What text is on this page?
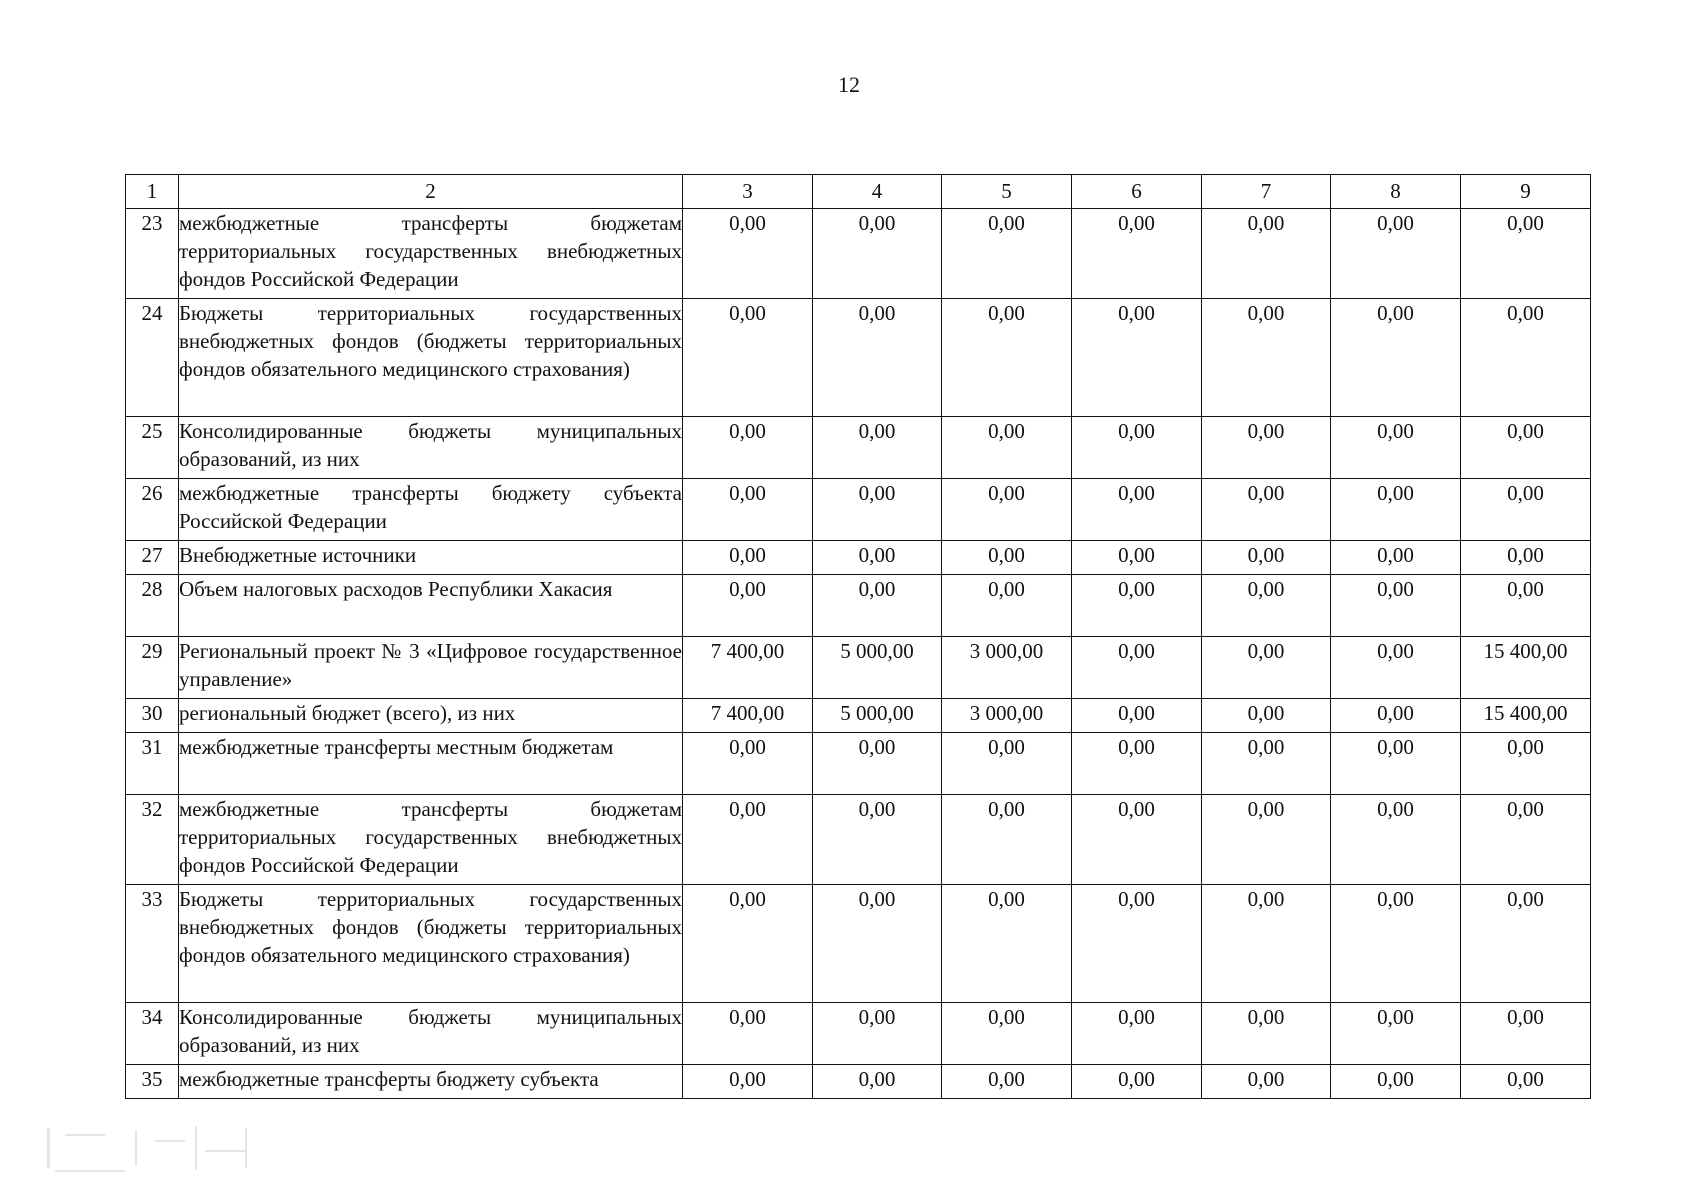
12
1	2	3	4	5	6	7	8	9
23	межбюджетные трансферты бюджетам территориальных государственных внебюджетных фондов Российской Федерации	0,00	0,00	0,00	0,00	0,00	0,00	0,00
24	Бюджеты территориальных государственных внебюджетных фондов (бюджеты территориальных фондов обязательного медицинского страхования)	0,00	0,00	0,00	0,00	0,00	0,00	0,00
25	Консолидированные бюджеты муниципальных образований, из них	0,00	0,00	0,00	0,00	0,00	0,00	0,00
26	межбюджетные трансферты бюджету субъекта Российской Федерации	0,00	0,00	0,00	0,00	0,00	0,00	0,00
27	Внебюджетные источники	0,00	0,00	0,00	0,00	0,00	0,00	0,00
28	Объем налоговых расходов Республики Хакасия	0,00	0,00	0,00	0,00	0,00	0,00	0,00
29	Региональный проект № 3 «Цифровое государственное управление»	7 400,00	5 000,00	3 000,00	0,00	0,00	0,00	15 400,00
30	региональный бюджет (всего), из них	7 400,00	5 000,00	3 000,00	0,00	0,00	0,00	15 400,00
31	межбюджетные трансферты местным бюджетам	0,00	0,00	0,00	0,00	0,00	0,00	0,00
32	межбюджетные трансферты бюджетам территориальных государственных внебюджетных фондов Российской Федерации	0,00	0,00	0,00	0,00	0,00	0,00	0,00
33	Бюджеты территориальных государственных внебюджетных фондов (бюджеты территориальных фондов обязательного медицинского страхования)	0,00	0,00	0,00	0,00	0,00	0,00	0,00
34	Консолидированные бюджеты муниципальных образований, из них	0,00	0,00	0,00	0,00	0,00	0,00	0,00
35	межбюджетные трансферты бюджету субъекта	0,00	0,00	0,00	0,00	0,00	0,00	0,00
